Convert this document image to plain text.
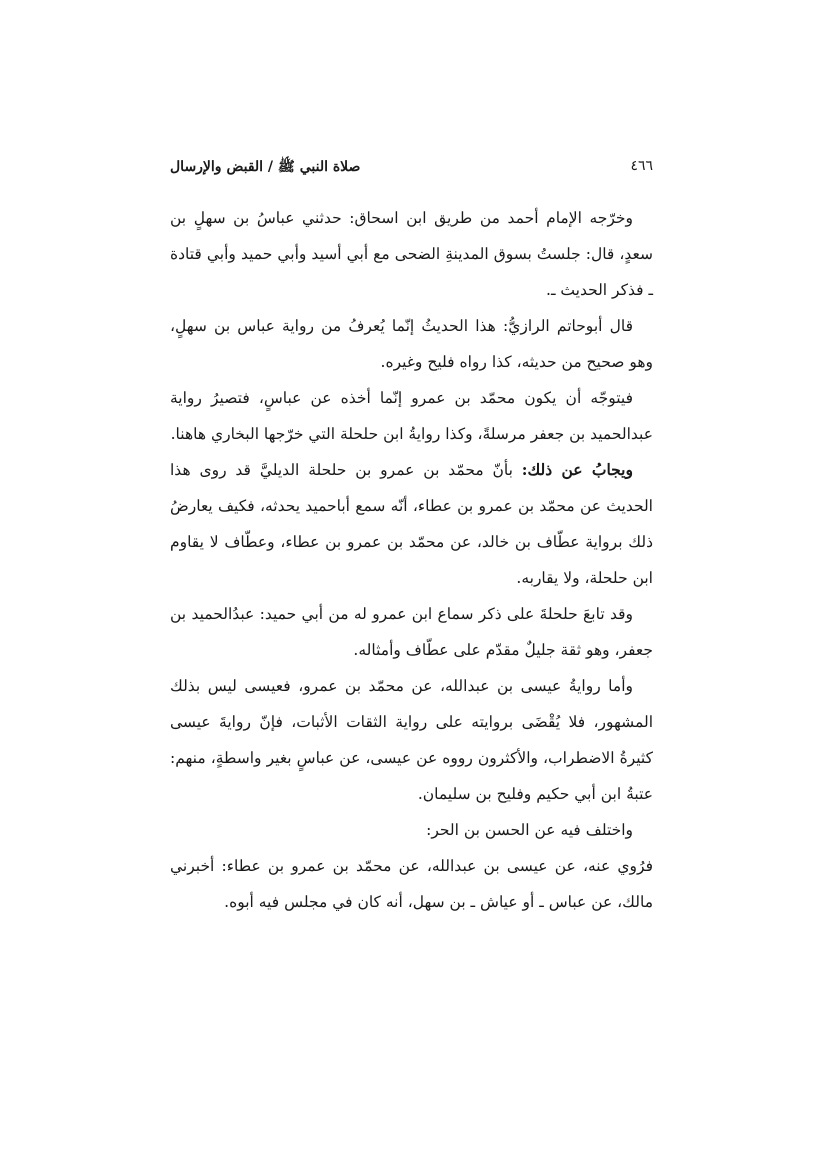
٤٦٦
صلاة النبي ﷺ / القبض والإرسال

وخرّجه الإمام أحمد من طريق ابن اسحاق: حدثني عباسُ بن سهلٍ بن سعدٍ، قال: جلستُ بسوق المدينةِ الضحى مع أبي أسيد وأبي حميد وأبي قتادة ـ فذكر الحديث ـ.

قال أبوحاتم الرازيُّ: هذا الحديثُ إنّما يُعرفُ من رواية عباس بن سهلٍ، وهو صحيح من حديثه، كذا رواه فليح وغيره.

فيتوجّه أن يكون محمّد بن عمرو إنّما أخذه عن عباسٍ، فتصيرُ رواية عبدالحميد بن جعفر مرسلةً، وكذا روايةُ ابن حلحلة التي خرّجها البخاري هاهنا.

ويجابُ عن ذلك: بأنّ محمّد بن عمرو بن حلحلة الديليَّ قد روى هذا الحديث عن محمّد بن عمرو بن عطاء، أنّه سمع أباحميد يحدثه، فكيف يعارضُ ذلك برواية عطّاف بن خالد، عن محمّد بن عمرو بن عطاء، وعطّاف لا يقاوم ابن حلحلة، ولا يقاربه.

وقد تابعَ حلحلةَ على ذكر سماع ابن عمرو له من أبي حميد: عبدُالحميد بن جعفر، وهو ثقة جليلٌ مقدّم على عطّاف وأمثاله.

وأما روايةُ عيسى بن عبدالله، عن محمّد بن عمرو، فعيسى ليس بذلك المشهور، فلا يُقْضَى بروايته على رواية الثقات الأثبات، فإنّ روايةَ عيسى كثيرةُ الاضطراب، والأكثرون رووه عن عيسى، عن عباسٍ بغير واسطةٍ، منهم: عتبةُ ابن أبي حكيم وفليح بن سليمان.

واختلف فيه عن الحسن بن الحر:

فرُوي عنه، عن عيسى بن عبدالله، عن محمّد بن عمرو بن عطاء: أخبرني مالك، عن عباس ـ أو عياش ـ بن سهل، أنه كان في مجلس فيه أبوه.
